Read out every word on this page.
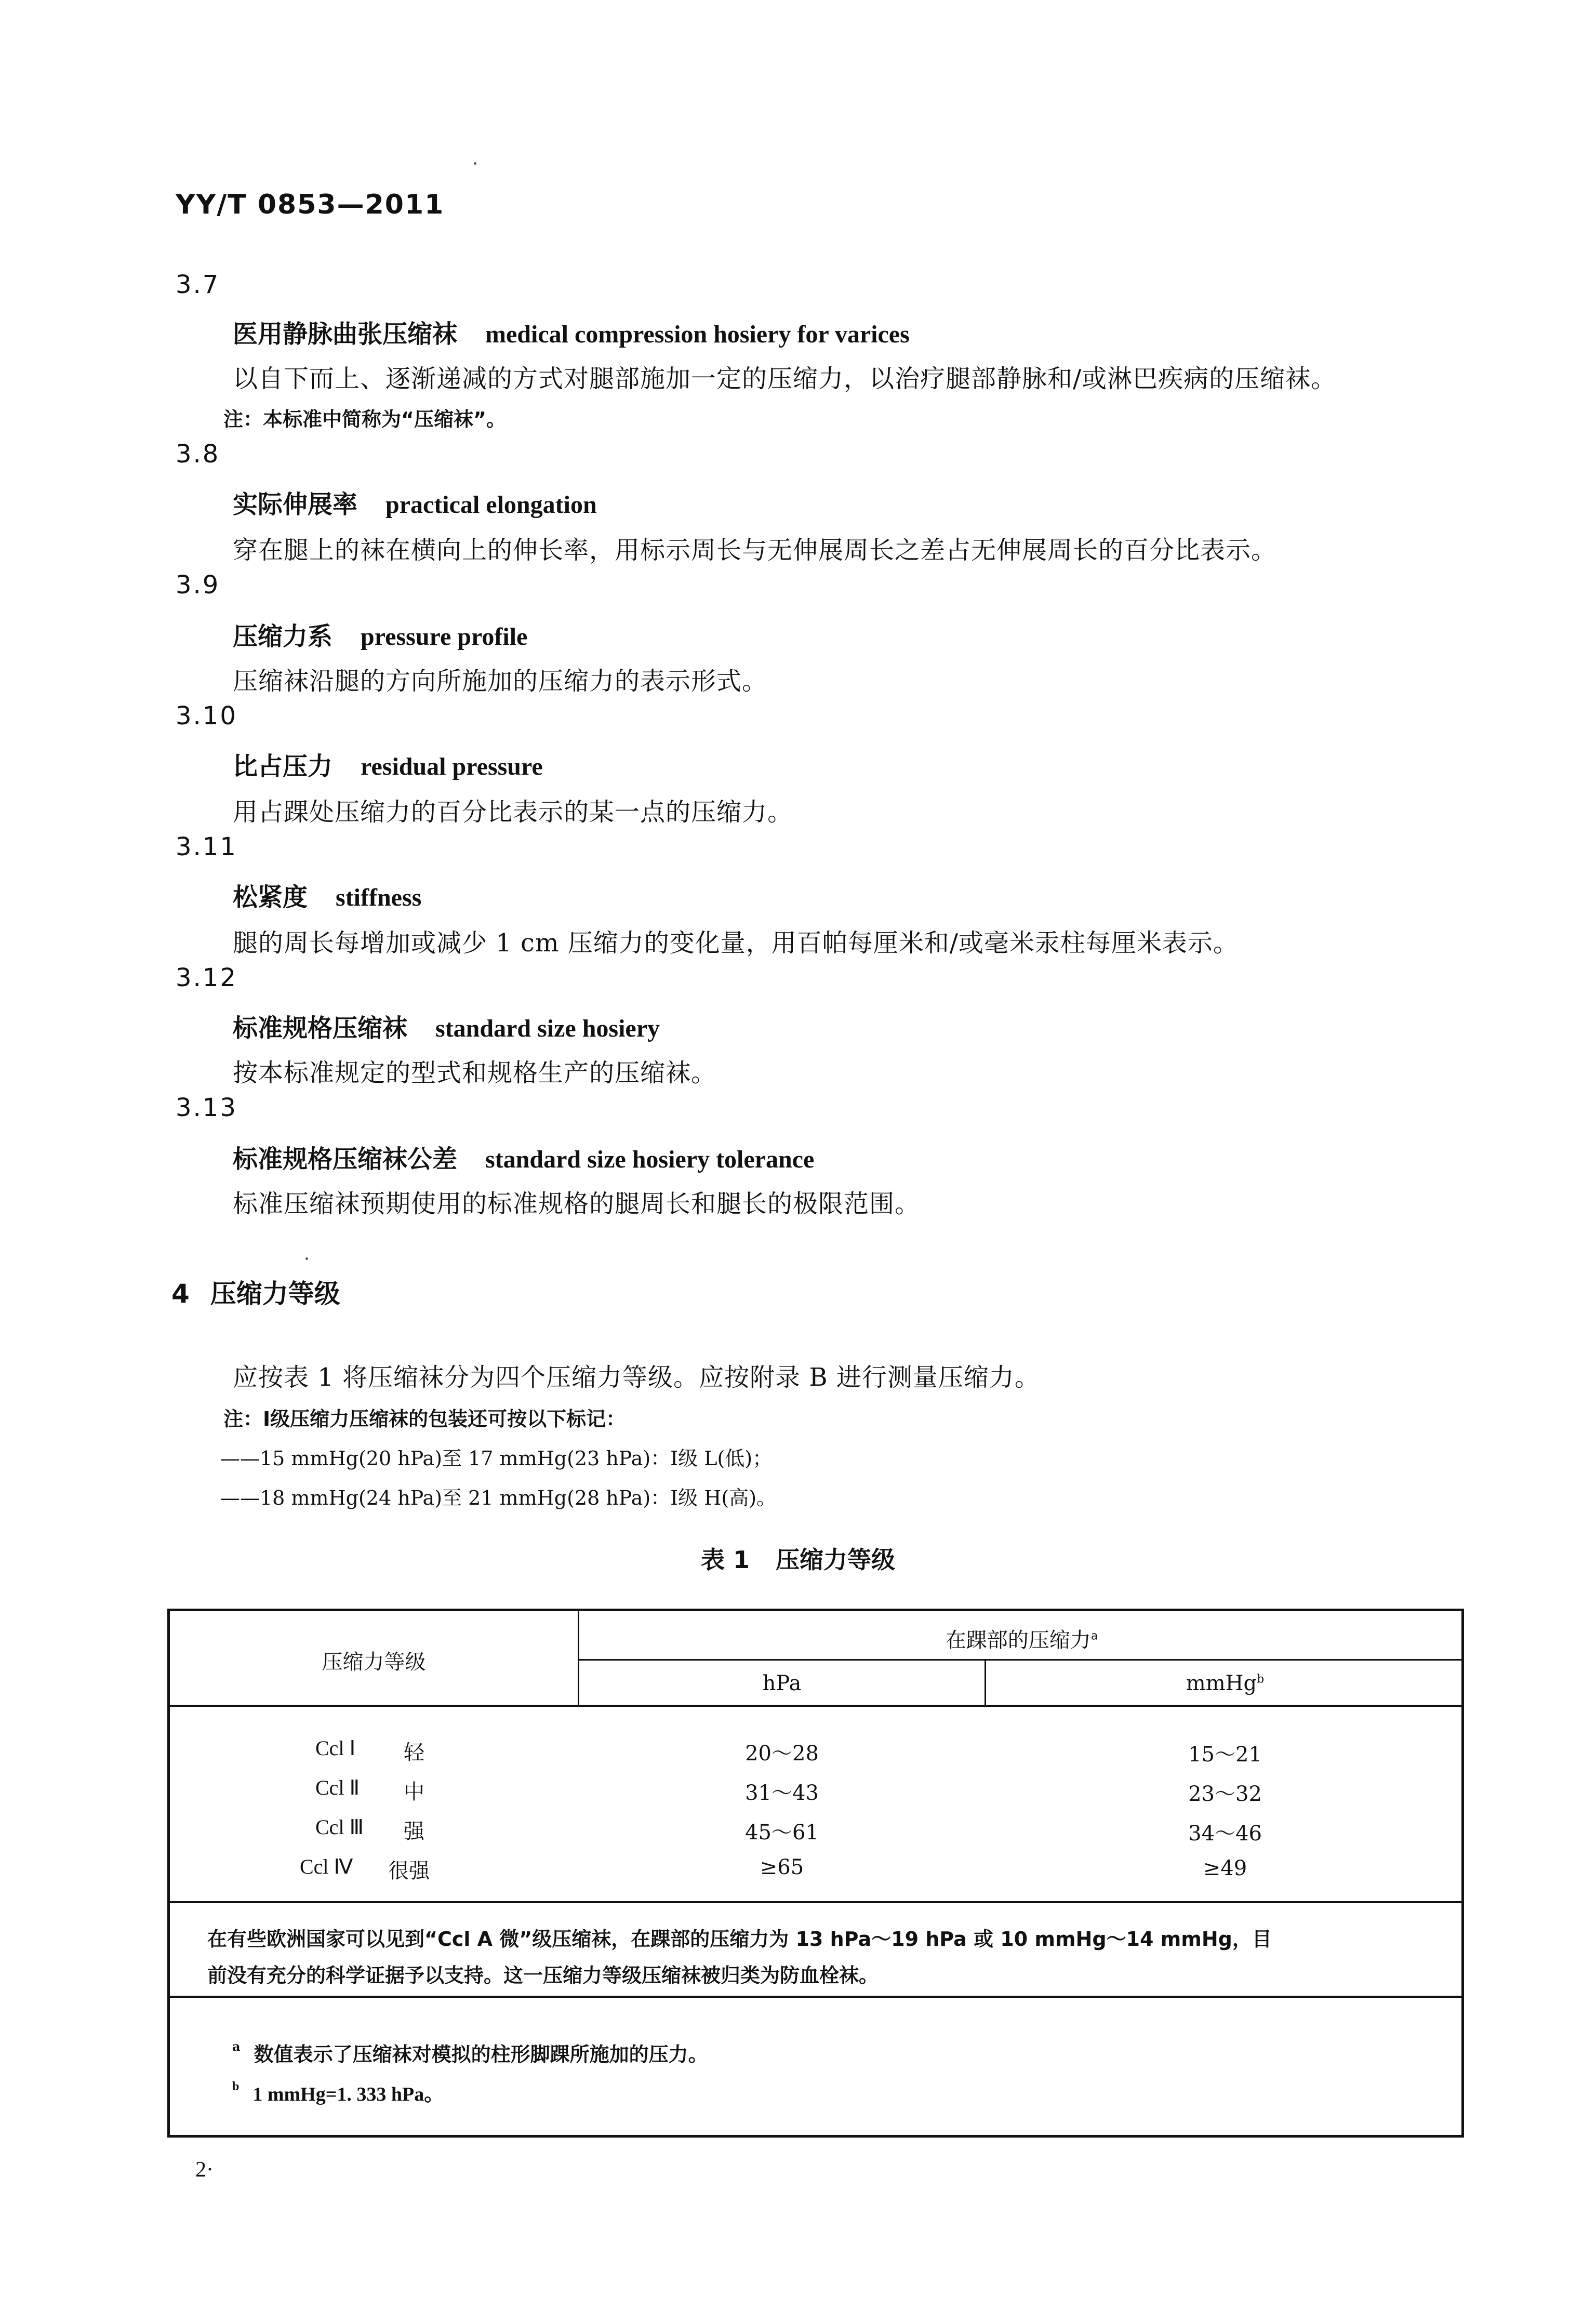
YY/T 0853—2011
3.7
医用静脉曲张压缩袜 medical compression hosiery for varices
以自下而上、逐渐递减的方式对腿部施加一定的压缩力，以治疗腿部静脉和/或淋巴疾病的压缩袜。
注：本标准中简称为“压缩袜”。
3.8
实际伸展率 practical elongation
穿在腿上的袜在横向上的伸长率，用标示周长与无伸展周长之差占无伸展周长的百分比表示。
3.9
压缩力系 pressure profile
压缩袜沿腿的方向所施加的压缩力的表示形式。
3.10
比占压力 residual pressure
用占踝处压缩力的百分比表示的某一点的压缩力。
3.11
松紧度 stiffness
腿的周长每增加或减少 1 cm 压缩力的变化量，用百帕每厘米和/或毫米汞柱每厘米表示。
3.12
标准规格压缩袜 standard size hosiery
按本标准规定的型式和规格生产的压缩袜。
3.13
标准规格压缩袜公差 standard size hosiery tolerance
标准压缩袜预期使用的标准规格的腿周长和腿长的极限范围。
4 压缩力等级
应按表 1 将压缩袜分为四个压缩力等级。应按附录 B 进行测量压缩力。
注：Ⅰ级压缩力压缩袜的包装还可按以下标记：
——15 mmHg(20 hPa)至 17 mmHg(23 hPa)：Ⅰ级 L(低)；
——18 mmHg(24 hPa)至 21 mmHg(28 hPa)：Ⅰ级 H(高)。
表 1 压缩力等级
压缩力等级
在踝部的压缩力$^a$
hPa	mmHg$^b$
Ccl Ⅰ 轻	20～28	15～21
Ccl Ⅱ 中	31～43	23～32
Ccl Ⅲ 强	45～61	34～46
Ccl Ⅳ 很强	≥65	≥49
在有些欧洲国家可以见到“Ccl A 微”级压缩袜，在踝部的压缩力为 13 hPa～19 hPa 或 10 mmHg～14 mmHg，目
前没有充分的科学证据予以支持。这一压缩力等级压缩袜被归类为防血栓袜。
$^a$ 数值表示了压缩袜对模拟的柱形脚踝所施加的压力。
$^b$ 1 mmHg=1. 333 hPa。
2·
